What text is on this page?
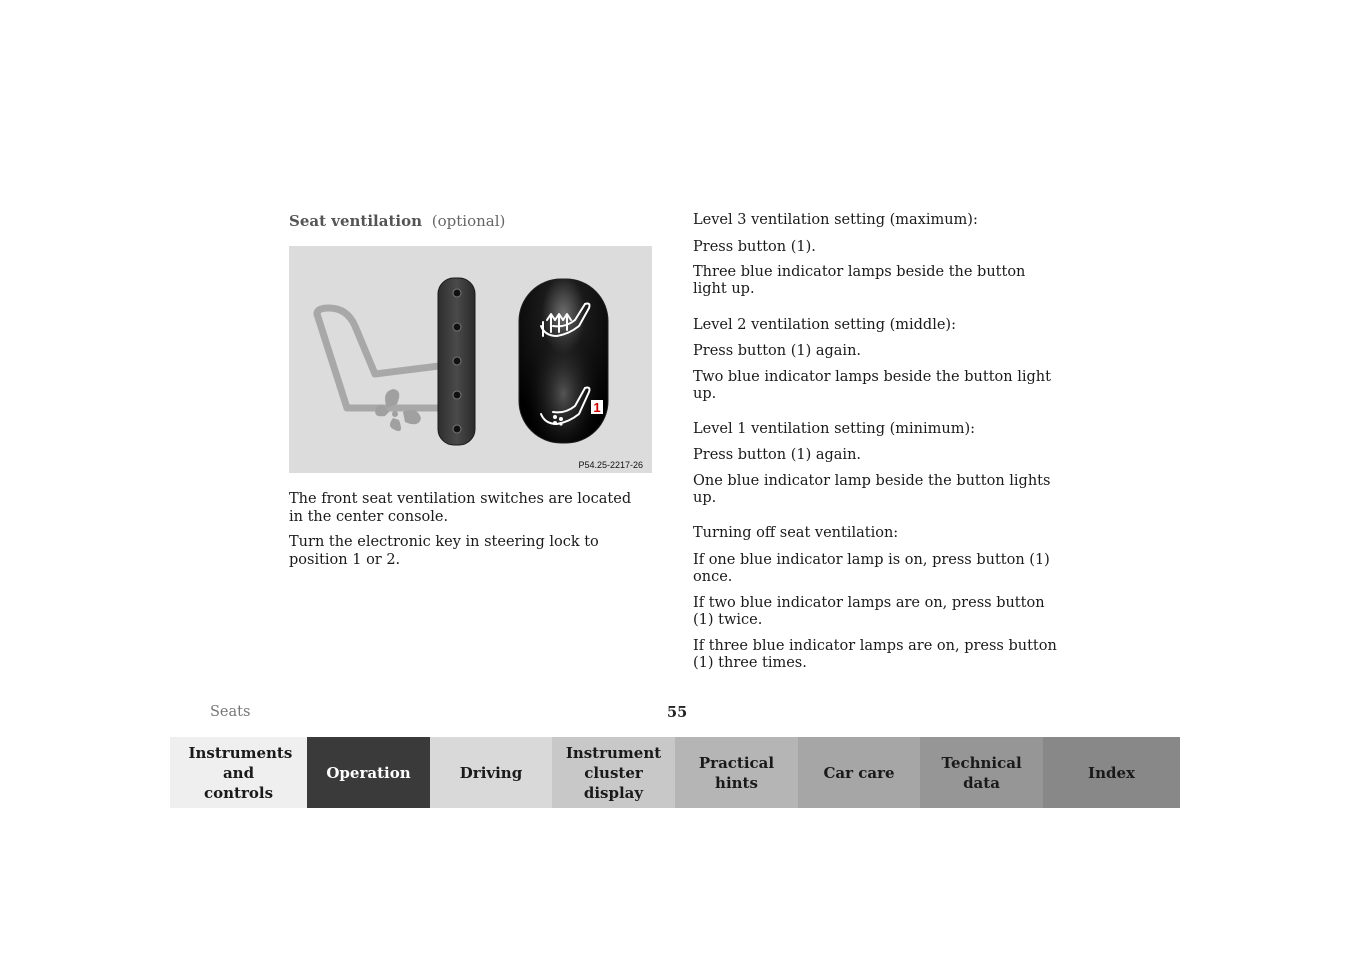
Seat ventilation (optional)
1
P54.25-2217-26

The front seat ventilation switches are located in the center console.

Turn the electronic key in steering lock to position 1 or 2.

Level 3 ventilation setting (maximum):

Press button (1).

Three blue indicator lamps beside the button light up.

Level 2 ventilation setting (middle):

Press button (1) again.

Two blue indicator lamps beside the button light up.

Level 1 ventilation setting (minimum):

Press button (1) again.

One blue indicator lamp beside the button lights up.

Turning off seat ventilation:

If one blue indicator lamp is on, press button (1) once.

If two blue indicator lamps are on, press button (1) twice.

If three blue indicator lamps are on, press button (1) three times.

Seats	55
Instruments and controls
Operation	Driving
Instrument cluster display
Practical hints
Car care
Technical data
Index
